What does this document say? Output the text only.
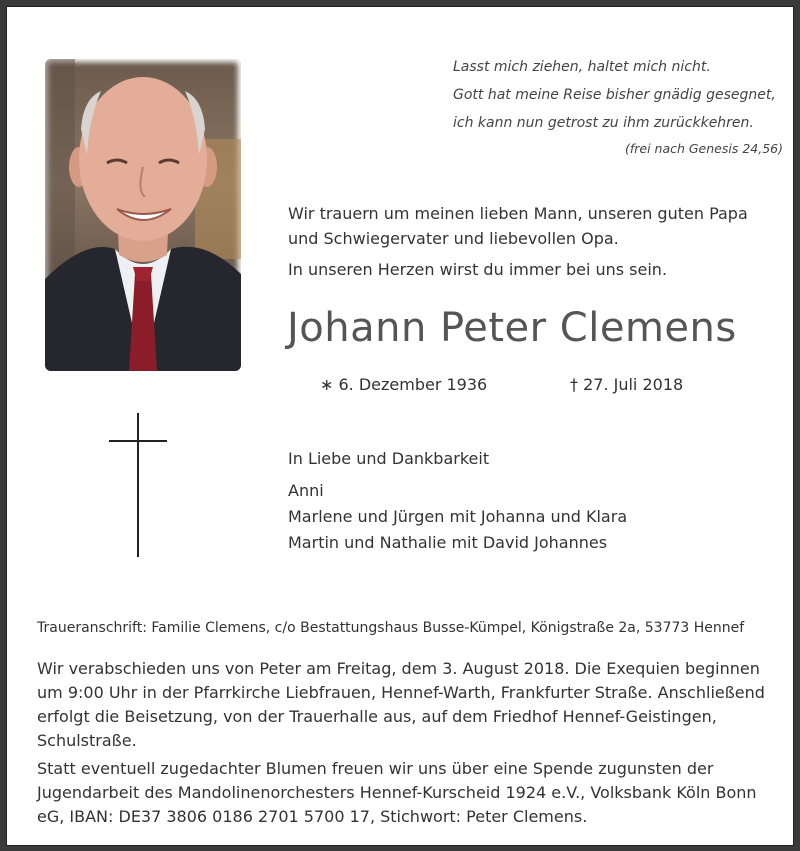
Lasst mich ziehen, haltet mich nicht.
Gott hat meine Reise bisher gnädig gesegnet,
ich kann nun getrost zu ihm zurückkehren.
(frei nach Genesis 24,56)
Wir trauern um meinen lieben Mann, unseren guten Papa
und Schwiegervater und liebevollen Opa.
In unseren Herzen wirst du immer bei uns sein.
Johann Peter Clemens
∗ 6. Dezember 1936	† 27. Juli 2018
In Liebe und Dankbarkeit
Anni
Marlene und Jürgen mit Johanna und Klara
Martin und Nathalie mit David Johannes
Traueranschrift: Familie Clemens, c/o Bestattungshaus Busse-Kümpel, Königstraße 2a, 53773 Hennef

Wir verabschieden uns von Peter am Freitag, dem 3. August 2018. Die Exequien beginnen um 9:00 Uhr in der Pfarrkirche Liebfrauen, Hennef-Warth, Frankfurter Straße. Anschließend erfolgt die Beisetzung, von der Trauerhalle aus, auf dem Friedhof Hennef-Geistingen, Schulstraße.

Statt eventuell zugedachter Blumen freuen wir uns über eine Spende zugunsten der Jugendarbeit des Mandolinenorchesters Hennef-Kurscheid 1924 e.V., Volksbank Köln Bonn eG, IBAN: DE37 3806 0186 2701 5700 17, Stichwort: Peter Clemens.
